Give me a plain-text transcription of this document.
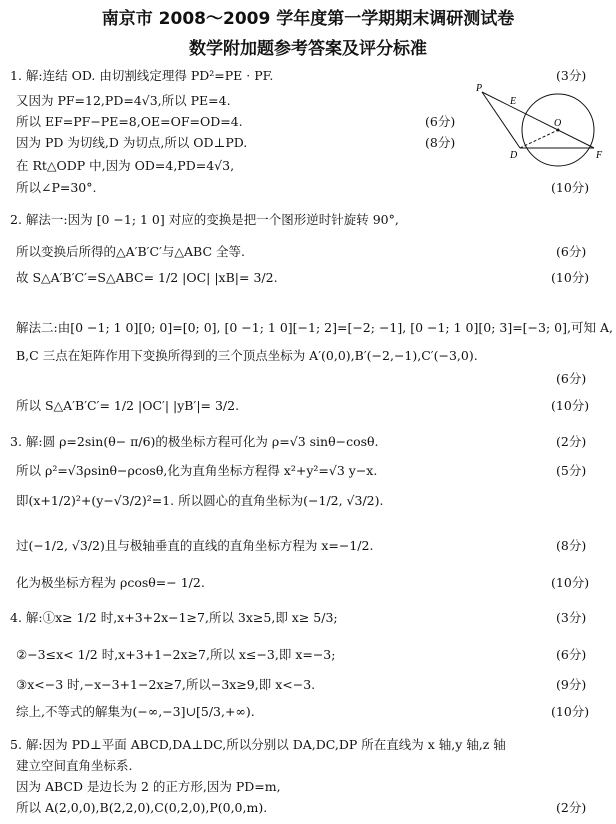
南京市 2008～2009 学年度第一学期期末调研测试卷
数学附加题参考答案及评分标准
1. 解:连结 OD. 由切割线定理得 PD²=PE · PF.
又因为 PF=12,PD=4√3,所以 PE=4.
所以 EF=PF−PE=8,OE=OF=OD=4.
因为 PD 为切线,D 为切点,所以 OD⊥PD.
在 Rt△ODP 中,因为 OD=4,PD=4√3,
所以∠P=30°.
2. 解法一:因为 [0 −1; 1 0] 对应的变换是把一个图形逆时针旋转 90°,
所以变换后所得的△A′B′C′与△ABC 全等.
故 S△A′B′C′=S△ABC= 1/2 |OC| |xB|= 3/2.
解法二:由[0 −1; 1 0][0; 0]=[0; 0], [0 −1; 1 0][−1; 2]=[−2; −1], [0 −1; 1 0][0; 3]=[−3; 0],可知 A,
B,C 三点在矩阵作用下变换所得到的三个顶点坐标为 A′(0,0),B′(−2,−1),C′(−3,0).
所以 S△A′B′C′= 1/2 |OC′| |yB′|= 3/2.
3. 解:圆 ρ=2sin(θ− π/6)的极坐标方程可化为 ρ=√3 sinθ−cosθ.
所以 ρ²=√3ρsinθ−ρcosθ,化为直角坐标方程得 x²+y²=√3 y−x.
即(x+1/2)²+(y−√3/2)²=1. 所以圆心的直角坐标为(−1/2, √3/2).
过(−1/2, √3/2)且与极轴垂直的直线的直角坐标方程为 x=−1/2.
化为极坐标方程为 ρcosθ=− 1/2.
4. 解:①x≥ 1/2 时,x+3+2x−1≥7,所以 3x≥5,即 x≥ 5/3;
②−3≤x< 1/2 时,x+3+1−2x≥7,所以 x≤−3,即 x=−3;
③x<−3 时,−x−3+1−2x≥7,所以−3x≥9,即 x<−3.
综上,不等式的解集为(−∞,−3]∪[5/3,+∞).
5. 解:因为 PD⊥平面 ABCD,DA⊥DC,所以分别以 DA,DC,DP 所在直线为 x 轴,y 轴,z 轴
建立空间直角坐标系.
因为 ABCD 是边长为 2 的正方形,因为 PD=m,
所以 A(2,0,0),B(2,2,0),C(0,2,0),P(0,0,m).
(3分)
(6分)
(8分)
(10分)
(6分)
(10分)
(6分)
(10分)
(2分)
(5分)
(8分)
(10分)
(3分)
(6分)
(9分)
(10分)
(2分)
P
E
O
D	F
